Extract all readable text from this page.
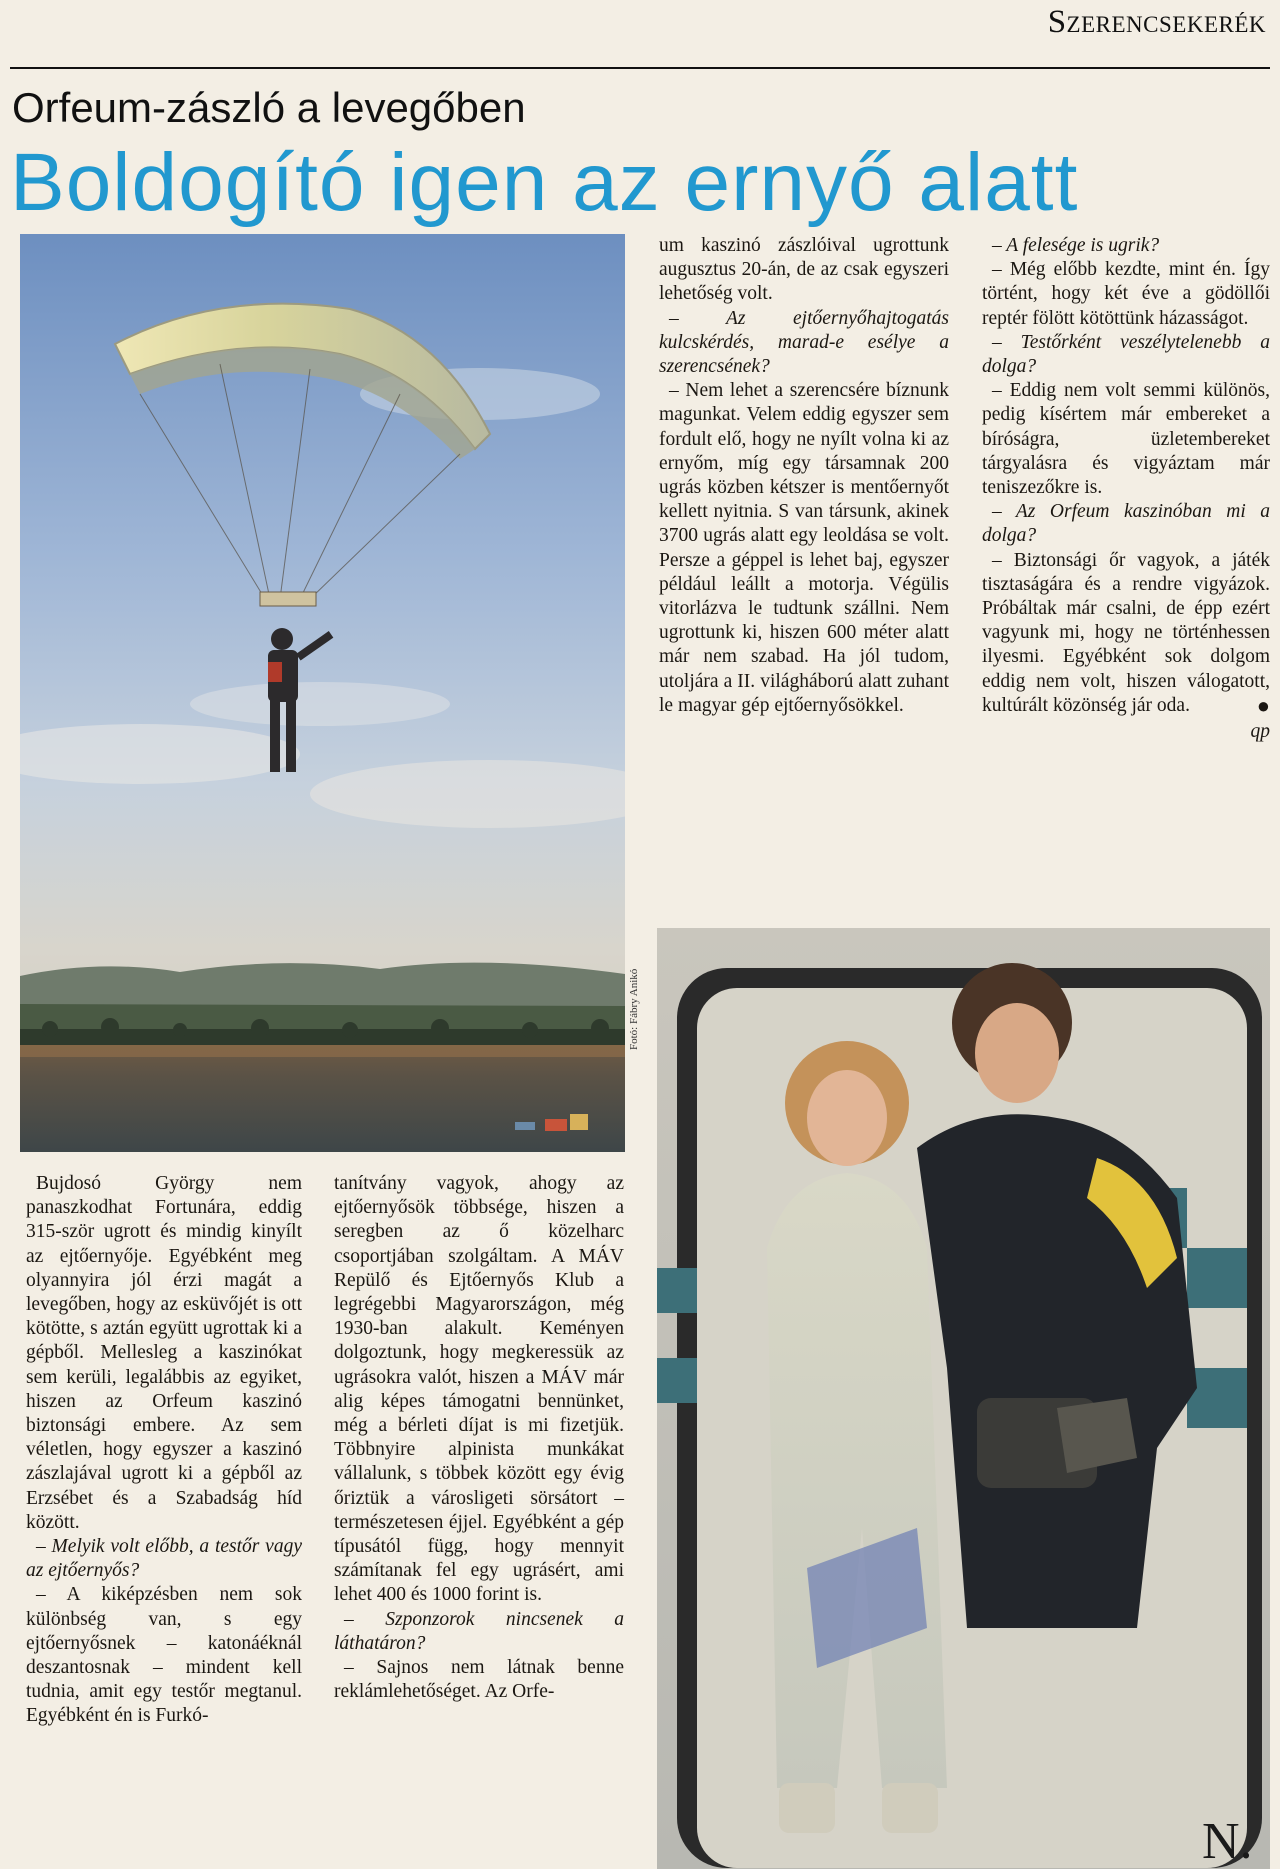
Szerencsekerék
Orfeum-zászló a levegőben
Boldogító igen az ernyő alatt
Fotó: Fábry Anikó
N.

Bujdosó György nem panaszkodhat Fortunára, eddig 315-ször ugrott és mindig kinyílt az ejtőernyője. Egyébként meg olyannyira jól érzi magát a levegőben, hogy az esküvőjét is ott kötötte, s aztán együtt ugrottak ki a gépből. Mellesleg a kaszinókat sem kerüli, legalábbis az egyiket, hiszen az Orfeum kaszinó biztonsági embere. Az sem véletlen, hogy egyszer a kaszinó zászlajával ugrott ki a gépből az Erzsébet és a Szabadság híd között.

– Melyik volt előbb, a testőr vagy az ejtőernyős?

– A kiképzésben nem sok különbség van, s egy ejtőernyősnek – katonáéknál deszantosnak – mindent kell tudnia, amit egy testőr megtanul. Egyébként én is Furkó-

tanítvány vagyok, ahogy az ejtőernyősök többsége, hiszen a seregben az ő közelharc csoportjában szolgáltam. A MÁV Repülő és Ejtőernyős Klub a legrégebbi Magyarországon, még 1930-ban alakult. Keményen dolgoztunk, hogy megkeressük az ugrásokra valót, hiszen a MÁV már alig képes támogatni bennünket, még a bérleti díjat is mi fizetjük. Többnyire alpinista munkákat vállalunk, s többek között egy évig őriztük a városligeti sörsátort – természetesen éjjel. Egyébként a gép típusától függ, hogy mennyit számítanak fel egy ugrásért, ami lehet 400 és 1000 forint is.

– Szponzorok nincsenek a láthatáron?

– Sajnos nem látnak benne reklámlehetőséget. Az Orfe-

um kaszinó zászlóival ugrottunk augusztus 20-án, de az csak egyszeri lehetőség volt.

– Az ejtőernyőhajtogatás kulcskérdés, marad-e esélye a szerencsének?

– Nem lehet a szerencsére bíznunk magunkat. Velem eddig egyszer sem fordult elő, hogy ne nyílt volna ki az ernyőm, míg egy társamnak 200 ugrás közben kétszer is mentőernyőt kellett nyitnia. S van társunk, akinek 3700 ugrás alatt egy leoldása se volt. Persze a géppel is lehet baj, egyszer például leállt a motorja. Végülis vitorlázva le tudtunk szállni. Nem ugrottunk ki, hiszen 600 méter alatt már nem szabad. Ha jól tudom, utoljára a II. világháború alatt zuhant le magyar gép ejtőernyősökkel.

– A felesége is ugrik?

– Még előbb kezdte, mint én. Így történt, hogy két éve a gödöllői reptér fölött kötöttünk házasságot.

– Testőrként veszélytelenebb a dolga?

– Eddig nem volt semmi különös, pedig kísértem már embereket a bíróságra, üzletembereket tárgyalásra és vigyáztam már teniszezőkre is.

– Az Orfeum kaszinóban mi a dolga?

– Biztonsági őr vagyok, a játék tisztaságára és a rendre vigyázok. Próbáltak már csalni, de épp ezért vagyunk mi, hogy ne történhessen ilyesmi. Egyébként sok dolgom eddig nem volt, hiszen válogatott, kultúrált közönség jár oda.	●

qp
